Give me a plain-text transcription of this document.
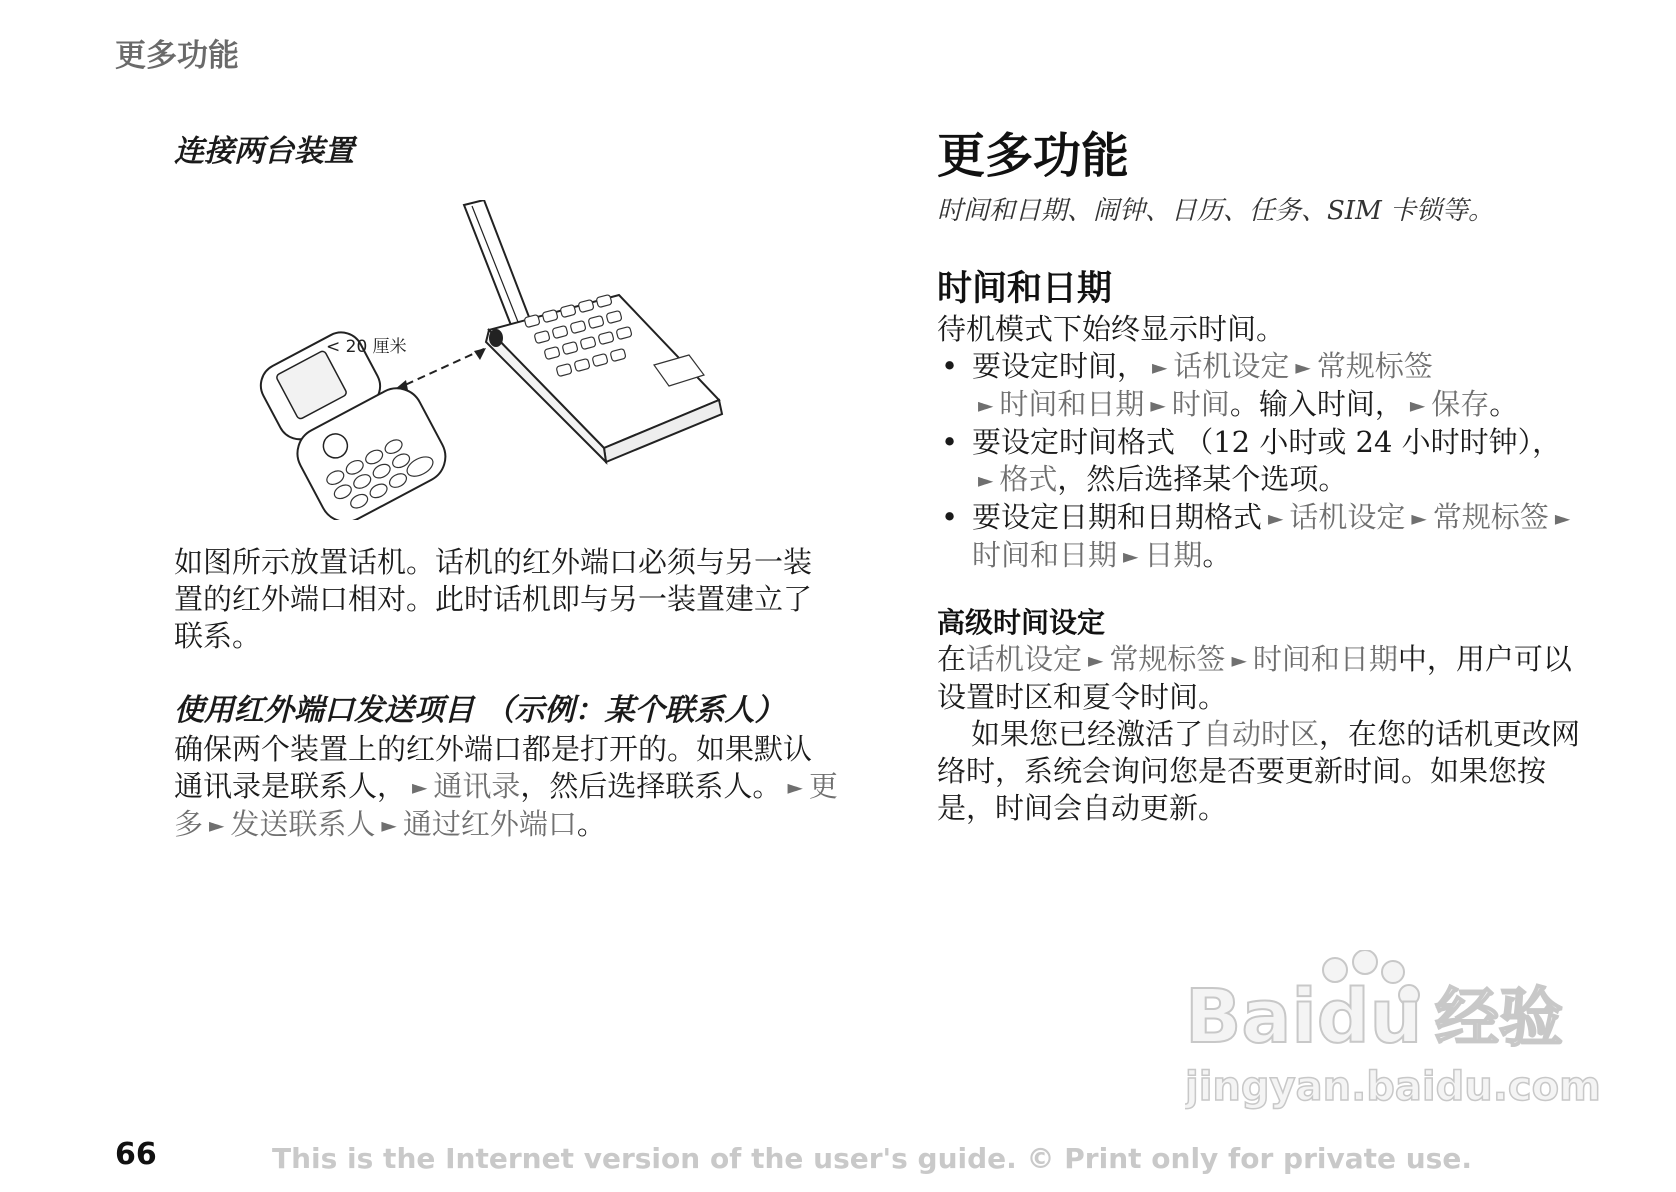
更多功能
连接两台装置
< 20 厘米

如图所示放置话机。话机的红外端口必须与另一装置的红外端口相对。此时话机即与另一装置建立了联系。

使用红外端口发送项目 （示例：某个联系人）

确保两个装置上的红外端口都是打开的。如果默认通讯录是联系人， ► 通讯录，然后选择联系人。 ► 更多 ► 发送联系人 ► 通过红外端口。

更多功能
时间和日期、闹钟、日历、任务、SIM 卡锁等。
时间和日期

待机模式下始终显示时间。

• 要设定时间， ► 话机设定 ► 常规标签
► 时间和日期 ► 时间。输入时间， ► 保存。
• 要设定时间格式 （12 小时或 24 小时时钟），
► 格式，然后选择某个选项。
• 要设定日期和日期格式 ► 话机设定 ► 常规标签 ►时间和日期 ► 日期。
高级时间设定

在话机设定 ► 常规标签 ► 时间和日期中，用户可以设置时区和夏令时间。

如果您已经激活了自动时区，在您的话机更改网络时，系统会询问您是否要更新时间。如果您按是，时间会自动更新。

Baidu 经验
jingyan.baidu.com
66	This is the Internet version of the user's guide. © Print only for private use.
